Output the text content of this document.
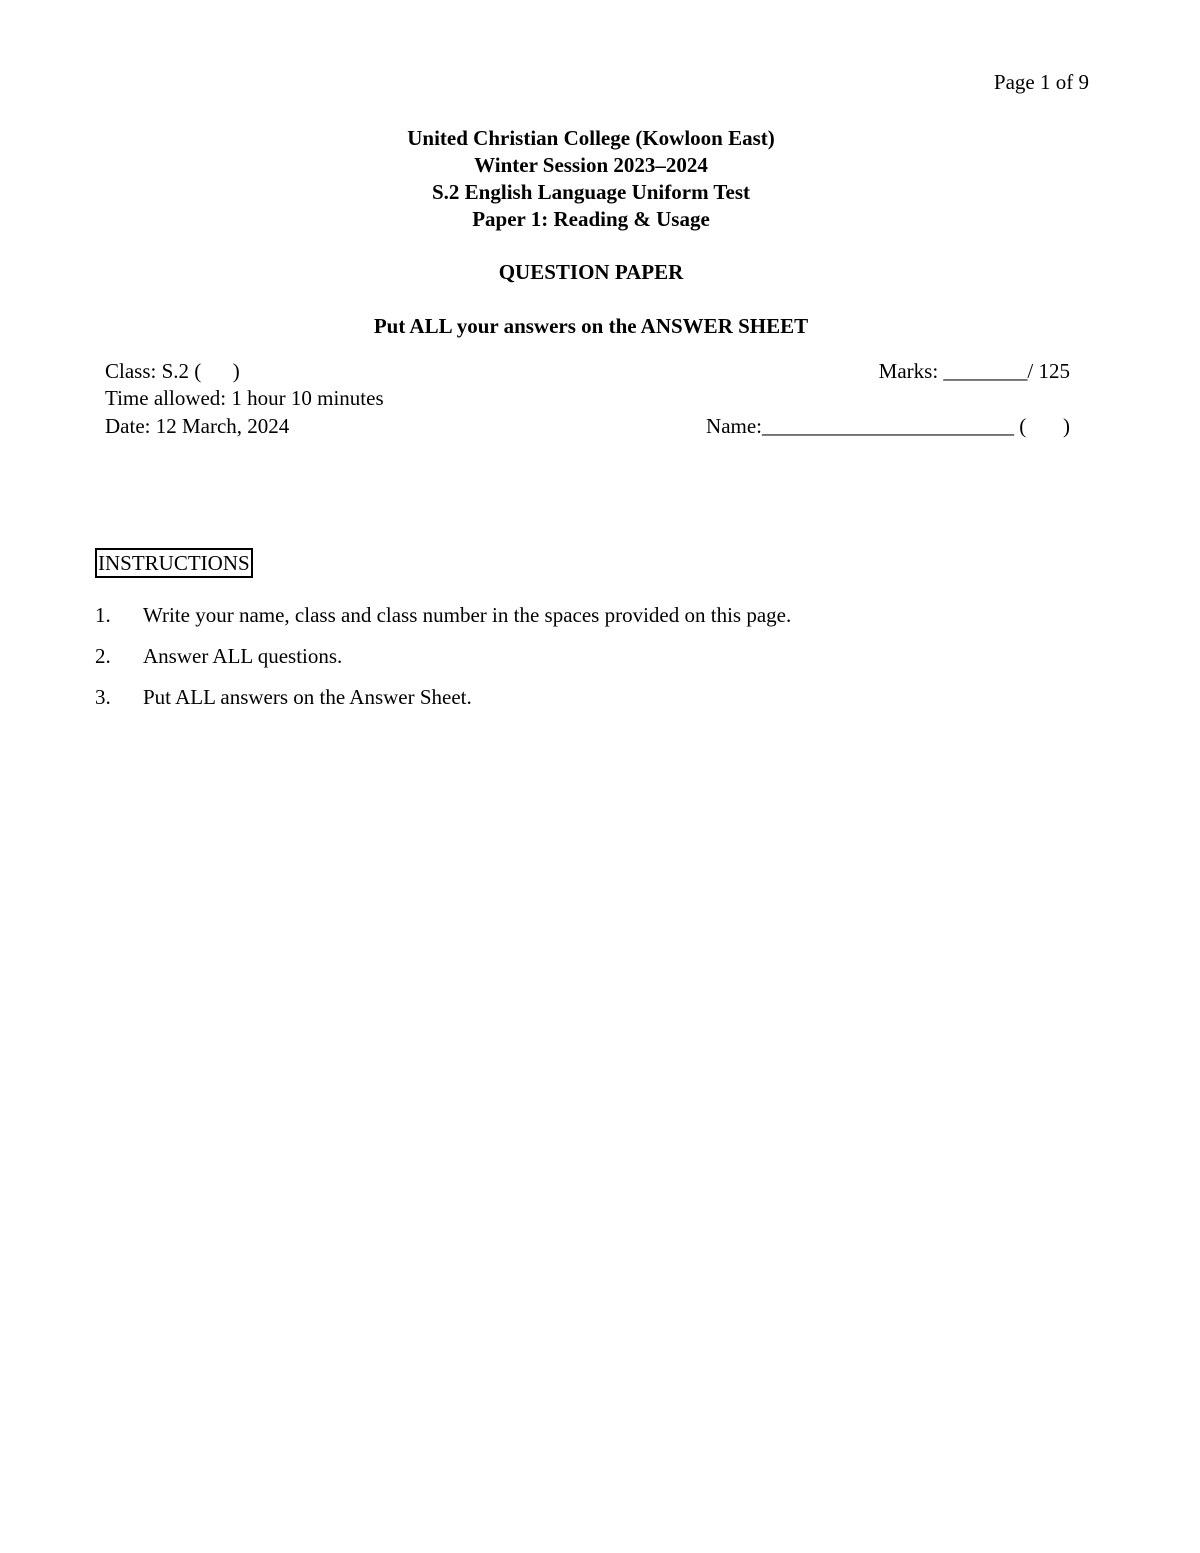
Page 1 of 9
United Christian College (Kowloon East)
Winter Session 2023–2024
S.2 English Language Uniform Test
Paper 1: Reading & Usage
QUESTION PAPER
Put ALL your answers on the ANSWER SHEET
Class: S.2 (      )
Time allowed: 1 hour 10 minutes
Date: 12 March, 2024
Marks: ________/ 125
Name:________________________ (       )
INSTRUCTIONS
1.	Write your name, class and class number in the spaces provided on this page.
2.	Answer ALL questions.
3.	Put ALL answers on the Answer Sheet.
